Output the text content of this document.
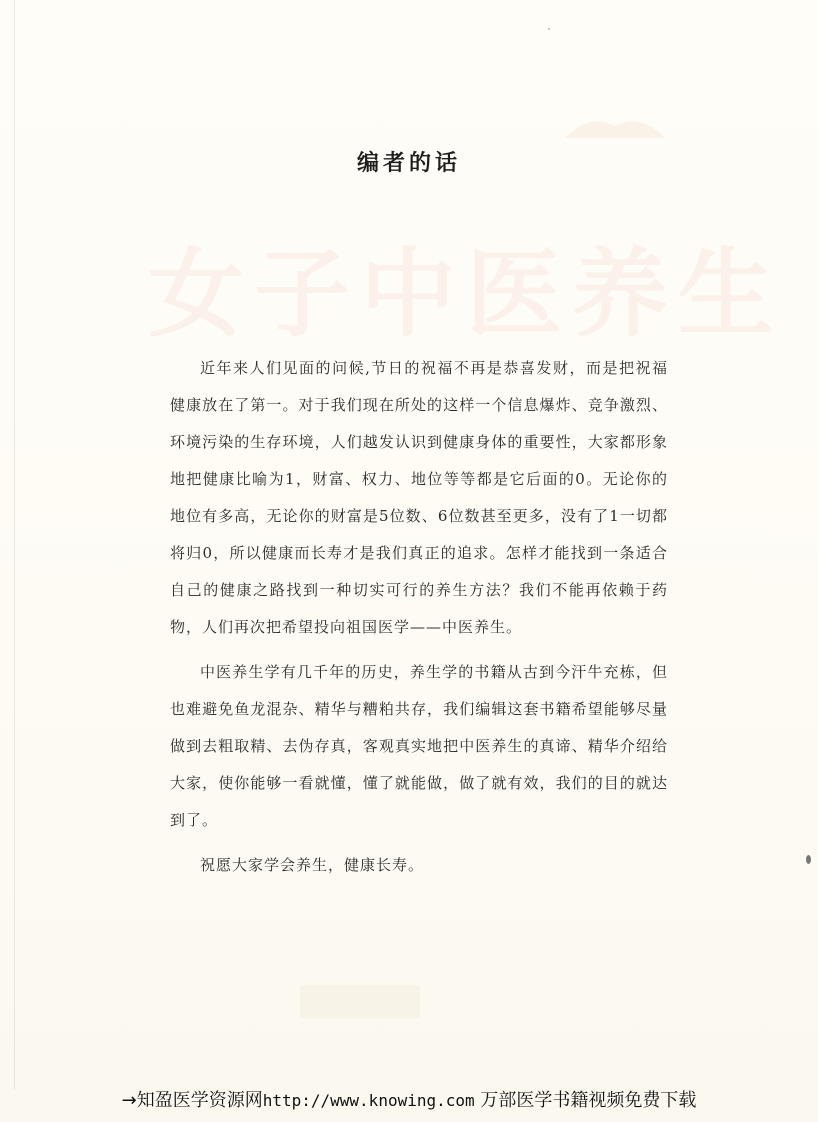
女子中医养生
编者的话

近年来人们见面的问候,节日的祝福不再是恭喜发财，而是把祝福健康放在了第一。对于我们现在所处的这样一个信息爆炸、竞争激烈、环境污染的生存环境，人们越发认识到健康身体的重要性，大家都形象地把健康比喻为1，财富、权力、地位等等都是它后面的0。无论你的地位有多高，无论你的财富是5位数、6位数甚至更多，没有了1一切都将归0，所以健康而长寿才是我们真正的追求。怎样才能找到一条适合自己的健康之路找到一种切实可行的养生方法？我们不能再依赖于药物，人们再次把希望投向祖国医学——中医养生。

中医养生学有几千年的历史，养生学的书籍从古到今汗牛充栋，但也难避免鱼龙混杂、精华与糟粕共存，我们编辑这套书籍希望能够尽量做到去粗取精、去伪存真，客观真实地把中医养生的真谛、精华介绍给大家，使你能够一看就懂，懂了就能做，做了就有效，我们的目的就达到了。

祝愿大家学会养生，健康长寿。

→知盈医学资源网http://www.knowing.com 万部医学书籍视频免费下载
